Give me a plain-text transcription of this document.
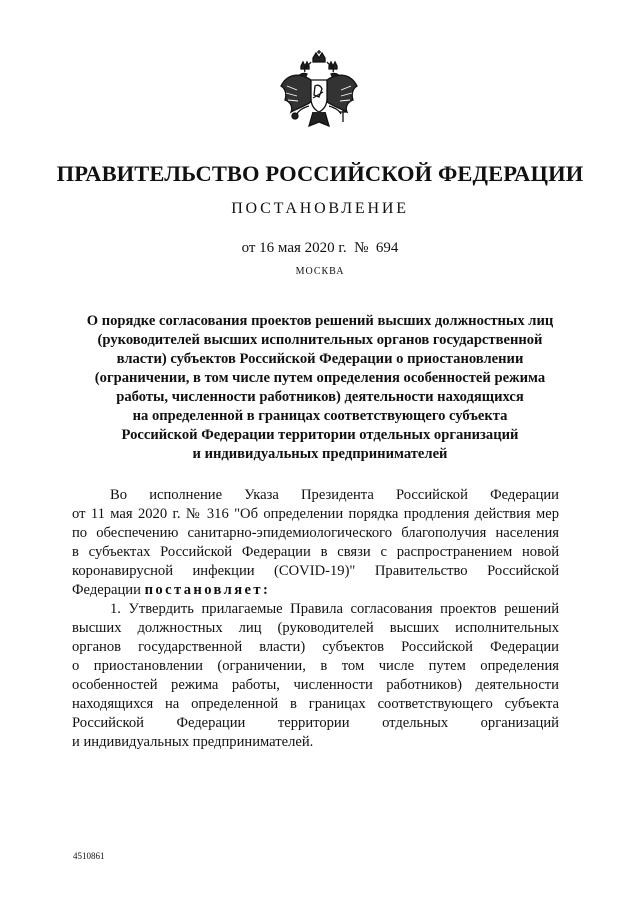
ПРАВИТЕЛЬСТВО РОССИЙСКОЙ ФЕДЕРАЦИИ
ПОСТАНОВЛЕНИЕ
от 16 мая 2020 г.  №  694
МОСКВА
О порядке согласования проектов решений высших должностных лиц
(руководителей высших исполнительных органов государственной
власти) субъектов Российской Федерации о приостановлении
(ограничении, в том числе путем определения особенностей режима
работы, численности работников) деятельности находящихся
на определенной в границах соответствующего субъекта
Российской Федерации территории отдельных организаций
и индивидуальных предпринимателей
Во исполнение Указа Президента Российской Федерации
от 11 мая 2020 г. № 316 "Об определении порядка продления действия мер
по обеспечению санитарно-эпидемиологического благополучия населения
в субъектах Российской Федерации в связи с распространением новой
коронавирусной инфекции (COVID-19)" Правительство Российской
Федерации постановляет:
1. Утвердить прилагаемые Правила согласования проектов решений
высших должностных лиц (руководителей высших исполнительных
органов государственной власти) субъектов Российской Федерации
о приостановлении (ограничении, в том числе путем определения
особенностей режима работы, численности работников) деятельности
находящихся на определенной в границах соответствующего субъекта
Российской Федерации территории отдельных организаций
и индивидуальных предпринимателей.
4510861
